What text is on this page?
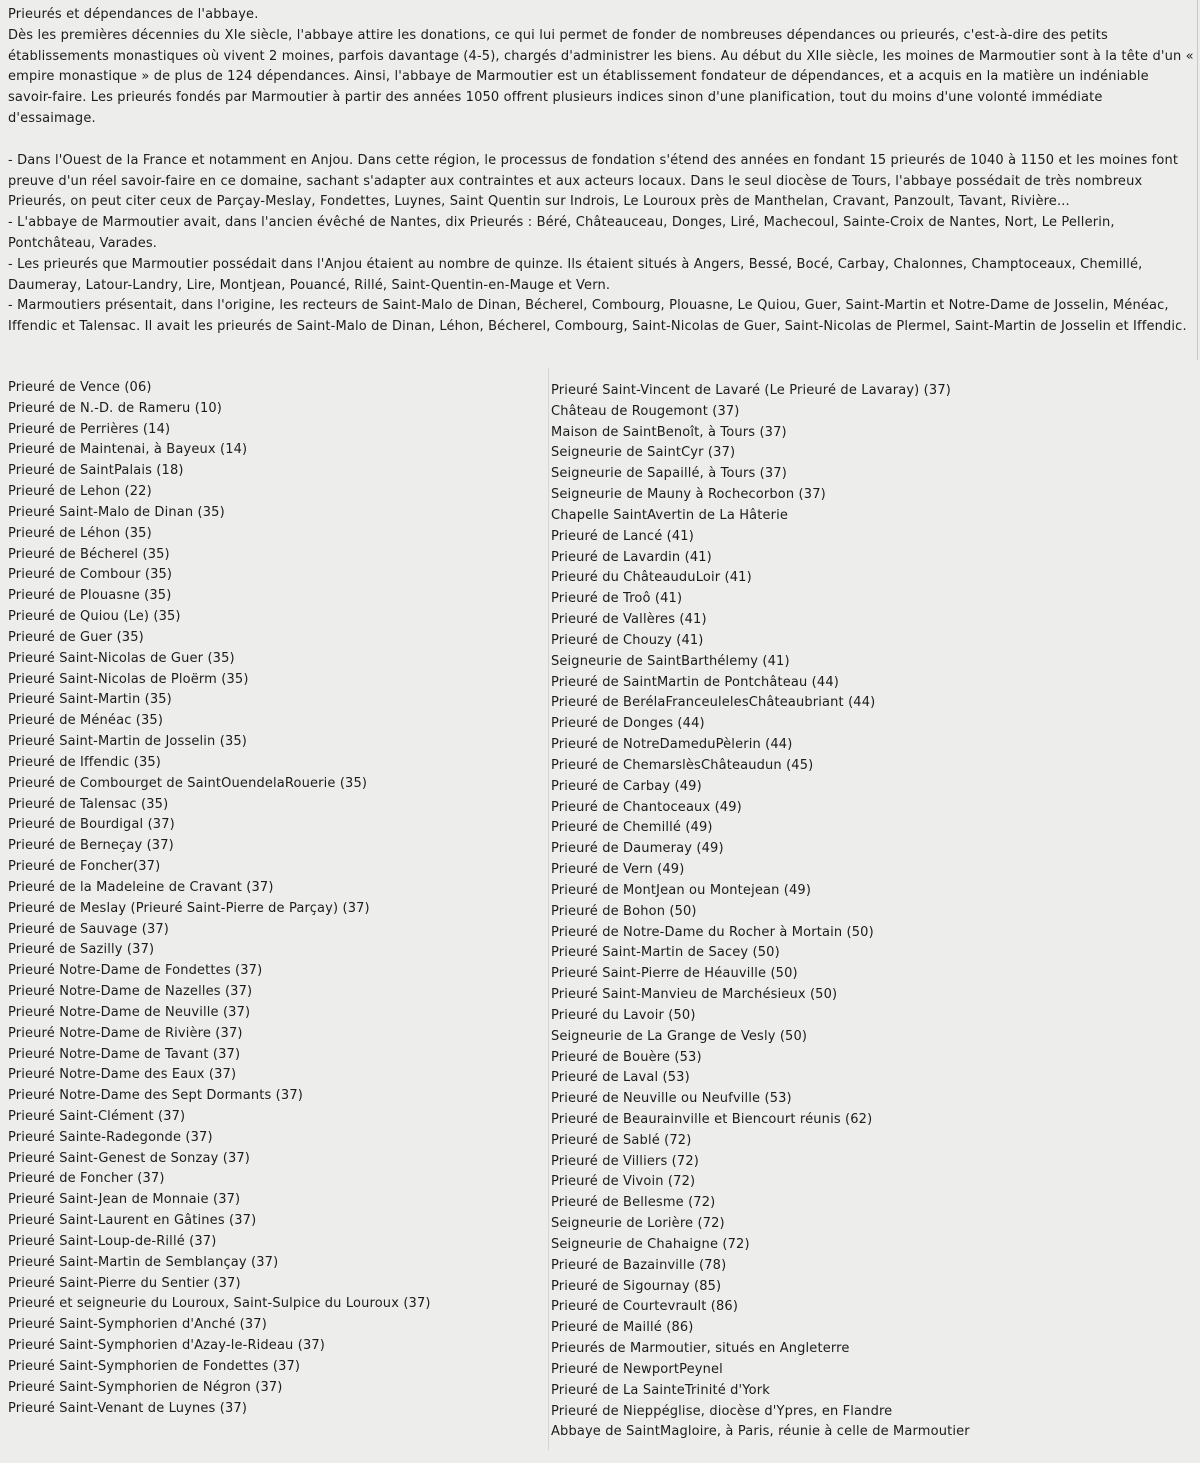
Prieurés et dépendances de l'abbaye.

Dès les premières décennies du XIe siècle, l'abbaye attire les donations, ce qui lui permet de fonder de nombreuses dépendances ou prieurés, c'est-à-dire des petits établissements monastiques où vivent 2 moines, parfois davantage (4-5), chargés d'administrer les biens. Au début du XIIe siècle, les moines de Marmoutier sont à la tête d'un « empire monastique » de plus de 124 dépendances. Ainsi, l'abbaye de Marmoutier est un établissement fondateur de dépendances, et a acquis en la matière un indéniable savoir-faire. Les prieurés fondés par Marmoutier à partir des années 1050 offrent plusieurs indices sinon d'une planification, tout du moins d'une volonté immédiate d'essaimage.

- Dans l'Ouest de la France et notamment en Anjou. Dans cette région, le processus de fondation s'étend des années en fondant 15 prieurés de 1040 à 1150 et les moines font preuve d'un réel savoir-faire en ce domaine, sachant s'adapter aux contraintes et aux acteurs locaux. Dans le seul diocèse de Tours, l'abbaye possédait de très nombreux Prieurés, on peut citer ceux de Parçay-Meslay, Fondettes, Luynes, Saint Quentin sur Indrois, Le Louroux près de Manthelan, Cravant, Panzoult, Tavant, Rivière...

- L'abbaye de Marmoutier avait, dans l'ancien évêché de Nantes, dix Prieurés : Béré, Châteauceau, Donges, Liré, Machecoul, Sainte-Croix de Nantes, Nort, Le Pellerin, Pontchâteau, Varades.

- Les prieurés que Marmoutier possédait dans l'Anjou étaient au nombre de quinze. Ils étaient situés à Angers, Bessé, Bocé, Carbay, Chalonnes, Champtoceaux, Chemillé, Daumeray, Latour-Landry, Lire, Montjean, Pouancé, Rillé, Saint-Quentin-en-Mauge et Vern.

- Marmoutiers présentait, dans l'origine, les recteurs de Saint-Malo de Dinan, Bécherel, Combourg, Plouasne, Le Quiou, Guer, Saint-Martin et Notre-Dame de Josselin, Ménéac, Iffendic et Talensac. Il avait les prieurés de Saint-Malo de Dinan, Léhon, Bécherel, Combourg, Saint-Nicolas de Guer, Saint-Nicolas de Plermel, Saint-Martin de Josselin et Iffendic.

Prieuré de Vence (06)
Prieuré de N.-D. de Rameru (10)
Prieuré de Perrières (14)
Prieuré de Maintenai, à Bayeux (14)
Prieuré de SaintPalais (18)
Prieuré de Lehon (22)
Prieuré Saint-Malo de Dinan (35)
Prieuré de Léhon (35)
Prieuré de Bécherel (35)
Prieuré de Combour (35)
Prieuré de Plouasne (35)
Prieuré de Quiou (Le) (35)
Prieuré de Guer (35)
Prieuré Saint-Nicolas de Guer (35)
Prieuré Saint-Nicolas de Ploërm (35)
Prieuré Saint-Martin (35)
Prieuré de Ménéac (35)
Prieuré Saint-Martin de Josselin (35)
Prieuré de Iffendic (35)
Prieuré de Combourget de SaintOuendelaRouerie (35)
Prieuré de Talensac (35)
Prieuré de Bourdigal (37)
Prieuré de Berneçay (37)
Prieuré de Foncher(37)
Prieuré de la Madeleine de Cravant (37)
Prieuré de Meslay (Prieuré Saint-Pierre de Parçay) (37)
Prieuré de Sauvage (37)
Prieuré de Sazilly (37)
Prieuré Notre-Dame de Fondettes (37)
Prieuré Notre-Dame de Nazelles (37)
Prieuré Notre-Dame de Neuville (37)
Prieuré Notre-Dame de Rivière (37)
Prieuré Notre-Dame de Tavant (37)
Prieuré Notre-Dame des Eaux (37)
Prieuré Notre-Dame des Sept Dormants (37)
Prieuré Saint-Clément (37)
Prieuré Sainte-Radegonde (37)
Prieuré Saint-Genest de Sonzay (37)
Prieuré de Foncher (37)
Prieuré Saint-Jean de Monnaie (37)
Prieuré Saint-Laurent en Gâtines (37)
Prieuré Saint-Loup-de-Rillé (37)
Prieuré Saint-Martin de Semblançay (37)
Prieuré Saint-Pierre du Sentier (37)
Prieuré et seigneurie du Louroux, Saint-Sulpice du Louroux (37)
Prieuré Saint-Symphorien d'Anché (37)
Prieuré Saint-Symphorien d'Azay-le-Rideau (37)
Prieuré Saint-Symphorien de Fondettes (37)
Prieuré Saint-Symphorien de Négron (37)
Prieuré Saint-Venant de Luynes (37)
Prieuré Saint-Vincent de Lavaré (Le Prieuré de Lavaray) (37)
Château de Rougemont (37)
Maison de SaintBenoît, à Tours (37)
Seigneurie de SaintCyr (37)
Seigneurie de Sapaillé, à Tours (37)
Seigneurie de Mauny à Rochecorbon (37)
Chapelle SaintAvertin de La Hâterie
Prieuré de Lancé (41)
Prieuré de Lavardin (41)
Prieuré du ChâteauduLoir (41)
Prieuré de Troô (41)
Prieuré de Vallères (41)
Prieuré de Chouzy (41)
Seigneurie de SaintBarthélemy (41)
Prieuré de SaintMartin de Pontchâteau (44)
Prieuré de BerélaFranceulelesChâteaubriant (44)
Prieuré de Donges (44)
Prieuré de NotreDameduPèlerin (44)
Prieuré de ChemarslèsChâteaudun (45)
Prieuré de Carbay (49)
Prieuré de Chantoceaux (49)
Prieuré de Chemillé (49)
Prieuré de Daumeray (49)
Prieuré de Vern (49)
Prieuré de MontJean ou Montejean (49)
Prieuré de Bohon (50)
Prieuré de Notre-Dame du Rocher à Mortain (50)
Prieuré Saint-Martin de Sacey (50)
Prieuré Saint-Pierre de Héauville (50)
Prieuré Saint-Manvieu de Marchésieux (50)
Prieuré du Lavoir (50)
Seigneurie de La Grange de Vesly (50)
Prieuré de Bouère (53)
Prieuré de Laval (53)
Prieuré de Neuville ou Neufville (53)
Prieuré de Beaurainville et Biencourt réunis (62)
Prieuré de Sablé (72)
Prieuré de Villiers (72)
Prieuré de Vivoin (72)
Prieuré de Bellesme (72)
Seigneurie de Lorière (72)
Seigneurie de Chahaigne (72)
Prieuré de Bazainville (78)
Prieuré de Sigournay (85)
Prieuré de Courtevrault (86)
Prieuré de Maillé (86)
Prieurés de Marmoutier, situés en Angleterre
Prieuré de NewportPeynel
Prieuré de La SainteTrinité d'York
Prieuré de Nieppéglise, diocèse d'Ypres, en Flandre
Abbaye de SaintMagloire, à Paris, réunie à celle de Marmoutier
